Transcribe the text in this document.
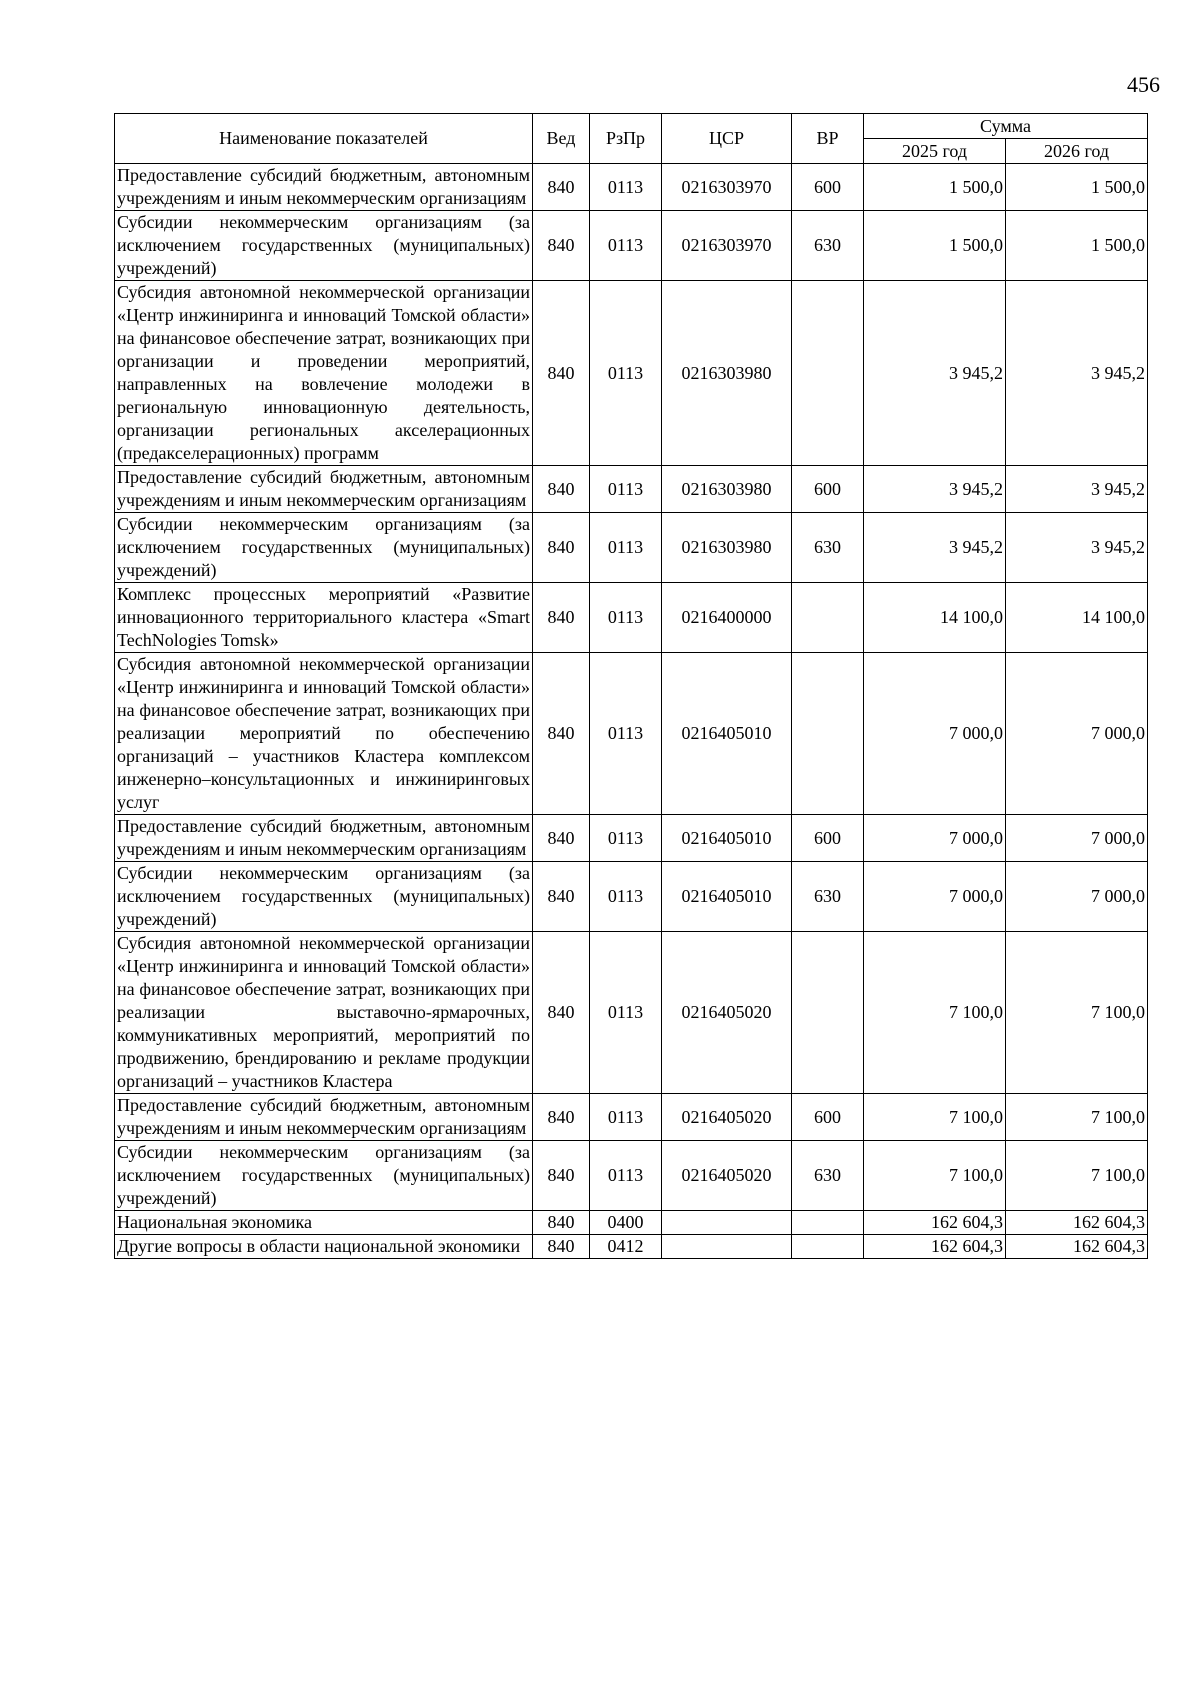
456
Наименование показателей	Вед	РзПр	ЦСР	ВР	Сумма	
					2025 год	2026 год
Предоставление субсидий бюджетным, автономным учреждениям и иным некоммерческим организациям	840	0113	0216303970	600	1 500,0	1 500,0
Субсидии некоммерческим организациям (за исключением государственных (муниципальных) учреждений)	840	0113	0216303970	630	1 500,0	1 500,0
Субсидия автономной некоммерческой организации «Центр инжиниринга и инноваций Томской области» на финансовое обеспечение затрат, возникающих при организации и проведении мероприятий, направленных на вовлечение молодежи в региональную инновационную деятельность, организации региональных акселерационных (предакселерационных) программ	840	0113	0216303980		3 945,2	3 945,2
Предоставление субсидий бюджетным, автономным учреждениям и иным некоммерческим организациям	840	0113	0216303980	600	3 945,2	3 945,2
Субсидии некоммерческим организациям (за исключением государственных (муниципальных) учреждений)	840	0113	0216303980	630	3 945,2	3 945,2
Комплекс процессных мероприятий «Развитие инновационного территориального кластера «Smart TechNologies Tomsk»	840	0113	0216400000		14 100,0	14 100,0
Субсидия автономной некоммерческой организации «Центр инжиниринга и инноваций Томской области» на финансовое обеспечение затрат, возникающих при реализации мероприятий по обеспечению организаций – участников Кластера комплексом инженерно–консультационных и инжиниринговых услуг	840	0113	0216405010		7 000,0	7 000,0
Предоставление субсидий бюджетным, автономным учреждениям и иным некоммерческим организациям	840	0113	0216405010	600	7 000,0	7 000,0
Субсидии некоммерческим организациям (за исключением государственных (муниципальных) учреждений)	840	0113	0216405010	630	7 000,0	7 000,0
Субсидия автономной некоммерческой организации «Центр инжиниринга и инноваций Томской области» на финансовое обеспечение затрат, возникающих при реализации выставочно-ярмарочных, коммуникативных мероприятий, мероприятий по продвижению, брендированию и рекламе продукции организаций – участников Кластера	840	0113	0216405020		7 100,0	7 100,0
Предоставление субсидий бюджетным, автономным учреждениям и иным некоммерческим организациям	840	0113	0216405020	600	7 100,0	7 100,0
Субсидии некоммерческим организациям (за исключением государственных (муниципальных) учреждений)	840	0113	0216405020	630	7 100,0	7 100,0
Национальная экономика	840	0400			162 604,3	162 604,3
Другие вопросы в области национальной экономики	840	0412			162 604,3	162 604,3
